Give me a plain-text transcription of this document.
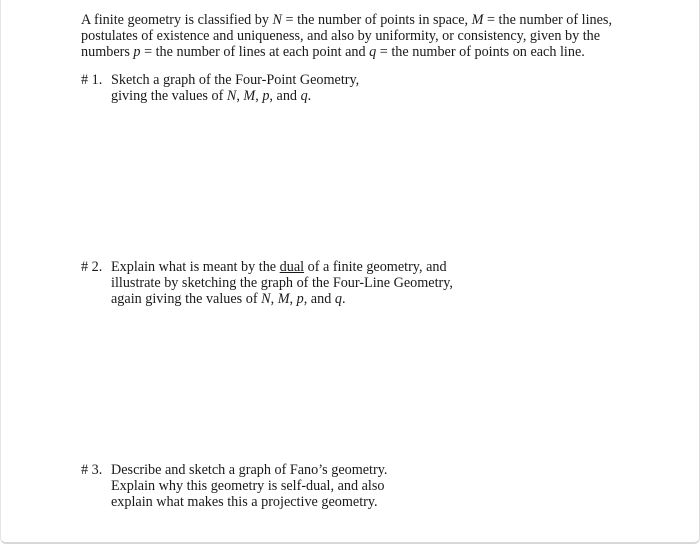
A finite geometry is classified by N = the number of points in space, M = the number of lines,
postulates of existence and uniqueness, and also by uniformity, or consistency, given by the
numbers p = the number of lines at each point and q = the number of points on each line.
# 1. Sketch a graph of the Four-Point Geometry,
giving the values of N, M, p, and q.
# 2. Explain what is meant by the dual of a finite geometry, and
illustrate by sketching the graph of the Four-Line Geometry,
again giving the values of N, M, p, and q.
# 3. Describe and sketch a graph of Fano’s geometry.
Explain why this geometry is self-dual, and also
explain what makes this a projective geometry.
